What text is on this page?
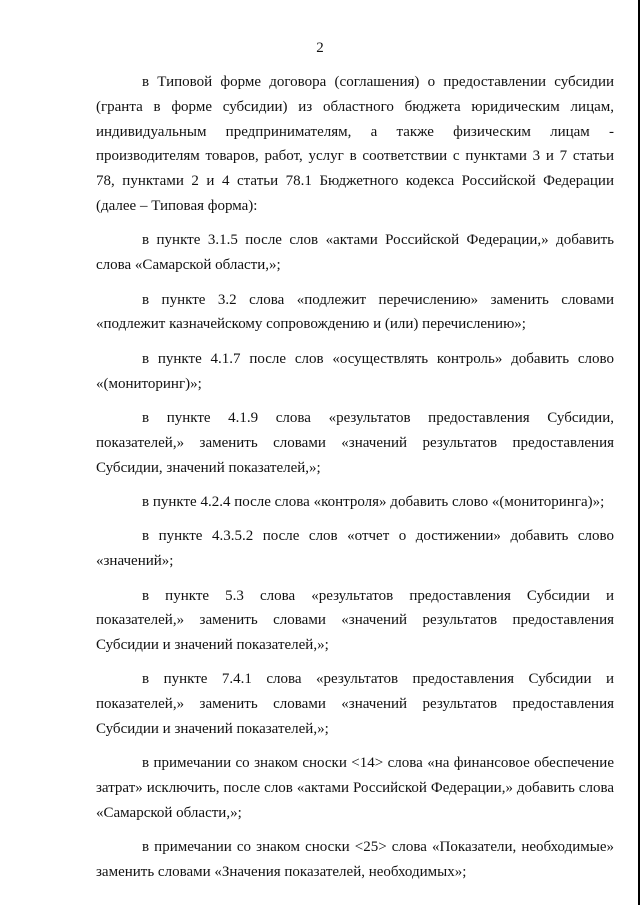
2

в Типовой форме договора (соглашения) о предоставлении субсидии (гранта в форме субсидии) из областного бюджета юридическим лицам, индивидуальным предпринимателям, а также физическим лицам - производителям товаров, работ, услуг в соответствии с пунктами 3 и 7 статьи 78, пунктами 2 и 4 статьи 78.1 Бюджетного кодекса Российской Федерации (далее – Типовая форма):

в пункте 3.1.5 после слов «актами Российской Федерации,» добавить слова «Самарской области,»;

в пункте 3.2 слова «подлежит перечислению» заменить словами «подлежит казначейскому сопровождению и (или) перечислению»;

в пункте 4.1.7 после слов «осуществлять контроль» добавить слово «(мониторинг)»;

в пункте 4.1.9 слова «результатов предоставления Субсидии, показателей,» заменить словами «значений результатов предоставления Субсидии, значений показателей,»;

в пункте 4.2.4 после слова «контроля» добавить слово «(мониторинга)»;

в пункте 4.3.5.2 после слов «отчет о достижении» добавить слово «значений»;

в пункте 5.3 слова «результатов предоставления Субсидии и показателей,» заменить словами «значений результатов предоставления Субсидии и значений показателей,»;

в пункте 7.4.1 слова «результатов предоставления Субсидии и показателей,» заменить словами «значений результатов предоставления Субсидии и значений показателей,»;

в примечании со знаком сноски <14> слова «на финансовое обеспечение затрат» исключить, после слов «актами Российской Федерации,» добавить слова «Самарской области,»;

в примечании со знаком сноски <25> слова «Показатели, необходимые» заменить словами «Значения показателей, необходимых»;
